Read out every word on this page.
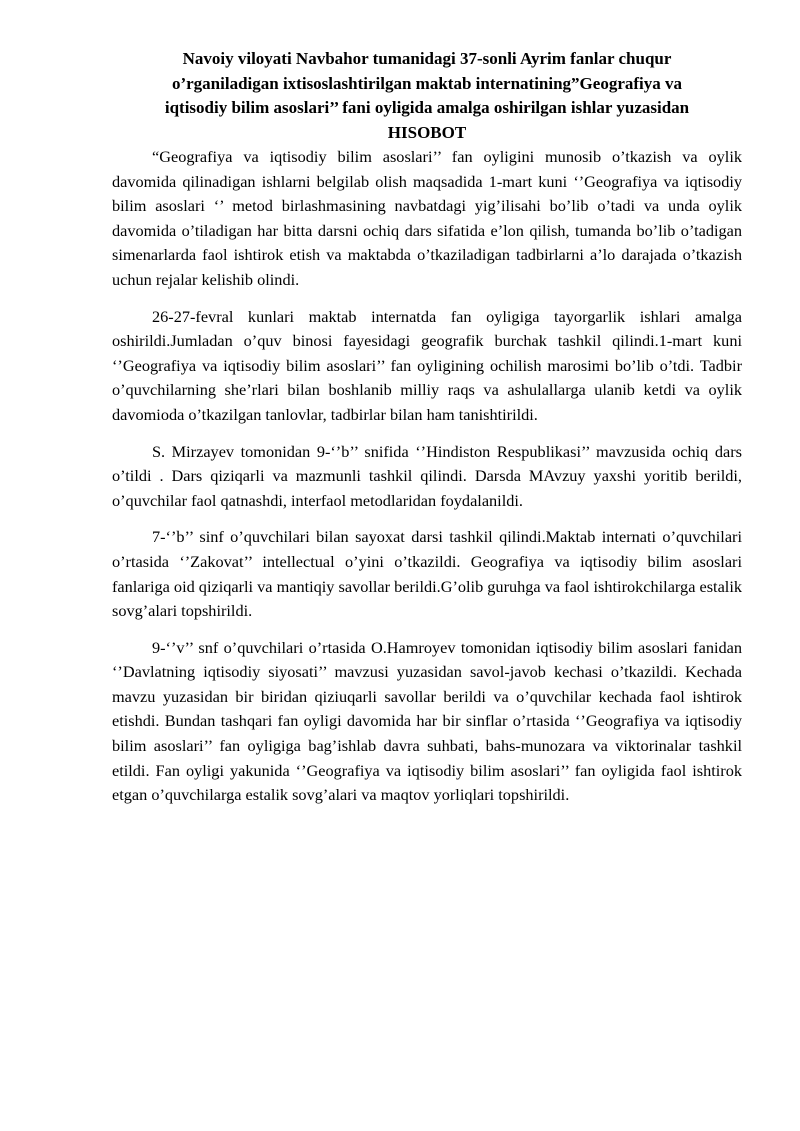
Navoiy viloyati Navbahor tumanidagi 37-sonli Ayrim fanlar chuqur
o’rganiladigan ixtisoslashtirilgan maktab internatining”Geografiya va
iqtisodiy bilim asoslari’’ fani oyligida amalga oshirilgan ishlar yuzasidan
HISOBOT

“Geografiya va iqtisodiy bilim asoslari’’ fan oyligini munosib o’tkazish va oylik davomida qilinadigan ishlarni belgilab olish maqsadida 1-mart kuni ‘’Geografiya va iqtisodiy bilim asoslari ‘’ metod birlashmasining navbatdagi yig’ilisahi bo’lib o’tadi va unda oylik davomida o’tiladigan har bitta darsni ochiq dars sifatida e’lon qilish, tumanda bo’lib o’tadigan simenarlarda faol ishtirok etish va maktabda o’tkaziladigan tadbirlarni a’lo darajada o’tkazish uchun rejalar kelishib olindi.

26-27-fevral kunlari maktab internatda fan oyligiga tayorgarlik ishlari amalga oshirildi.Jumladan o’quv binosi fayesidagi geografik burchak tashkil qilindi.1-mart kuni ‘’Geografiya va iqtisodiy bilim asoslari’’ fan oyligining ochilish marosimi bo’lib o’tdi. Tadbir o’quvchilarning she’rlari bilan boshlanib milliy raqs va ashulallarga ulanib ketdi va oylik davomioda o’tkazilgan tanlovlar, tadbirlar bilan ham tanishtirildi.

S. Mirzayev tomonidan 9-‘’b’’ snifida ‘’Hindiston Respublikasi’’ mavzusida ochiq dars o’tildi . Dars qiziqarli va mazmunli tashkil qilindi. Darsda MAvzuy yaxshi yoritib berildi, o’quvchilar faol qatnashdi, interfaol metodlaridan foydalanildi.

7-‘’b’’ sinf o’quvchilari bilan sayoxat darsi tashkil qilindi.Maktab internati o’quvchilari o’rtasida ‘’Zakovat’’ intellectual o’yini o’tkazildi. Geografiya va iqtisodiy bilim asoslari fanlariga oid qiziqarli va mantiqiy savollar berildi.G’olib guruhga va faol ishtirokchilarga estalik sovg’alari topshirildi.

9-‘’v’’ snf o’quvchilari o’rtasida O.Hamroyev tomonidan iqtisodiy bilim asoslari fanidan ‘’Davlatning iqtisodiy siyosati’’ mavzusi yuzasidan savol-javob kechasi o’tkazildi. Kechada mavzu yuzasidan bir biridan qiziuqarli savollar berildi va o’quvchilar kechada faol ishtirok etishdi. Bundan tashqari fan oyligi davomida har bir sinflar o’rtasida ‘’Geografiya va iqtisodiy bilim asoslari’’ fan oyligiga bag’ishlab davra suhbati, bahs-munozara va viktorinalar tashkil etildi. Fan oyligi yakunida ‘’Geografiya va iqtisodiy bilim asoslari’’ fan oyligida faol ishtirok etgan o’quvchilarga estalik sovg’alari va maqtov yorliqlari topshirildi.
